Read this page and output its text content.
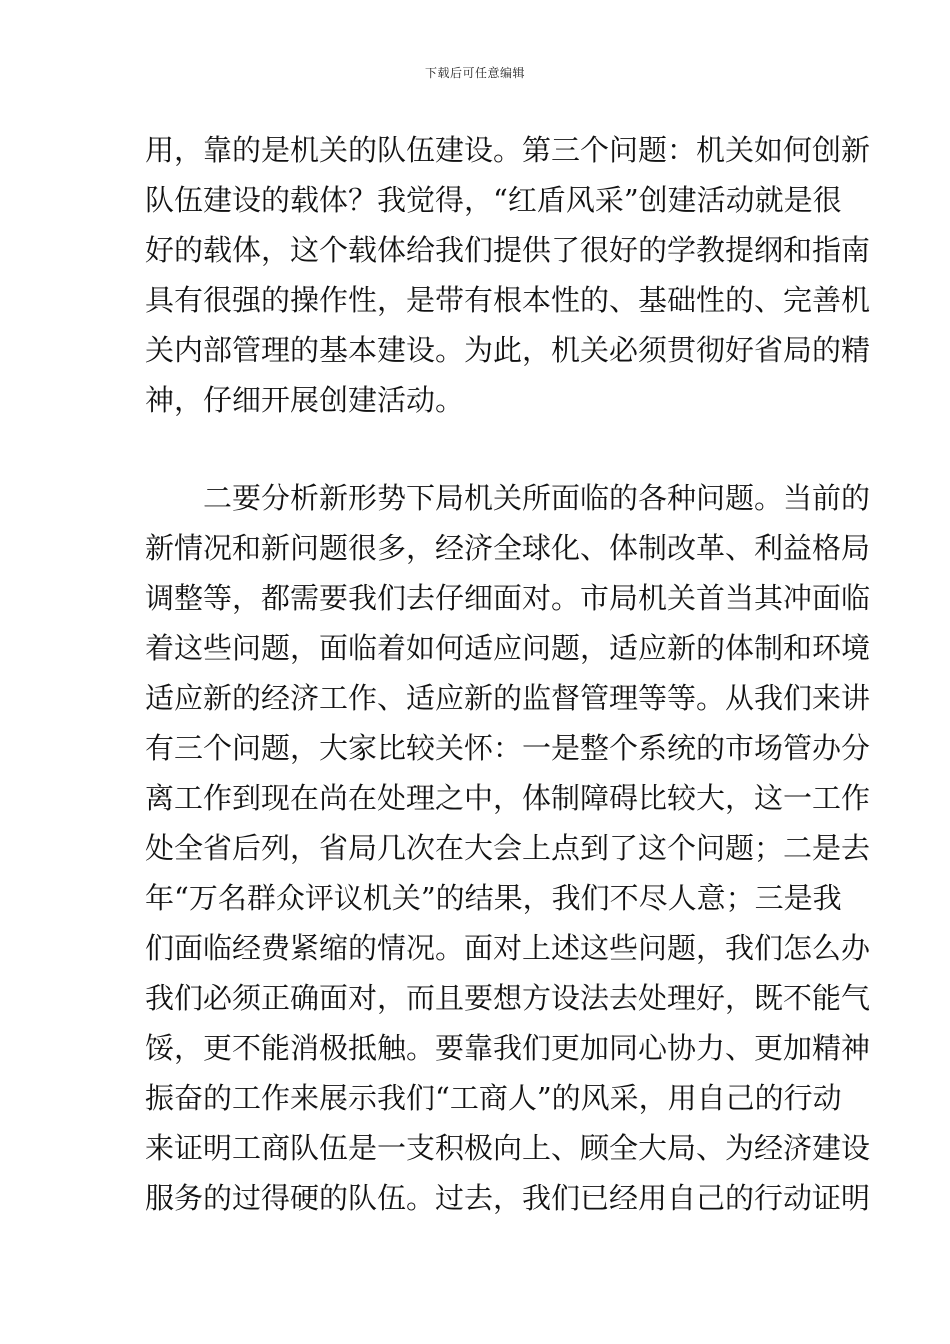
下载后可任意编辑
用，靠的是机关的队伍建设。第三个问题：机关如何创新
队伍建设的载体？我觉得，“红盾风采”创建活动就是很
好的载体，这个载体给我们提供了很好的学教提纲和指南
具有很强的操作性，是带有根本性的、基础性的、完善机
关内部管理的基本建设。为此，机关必须贯彻好省局的精
神，仔细开展创建活动。
二要分析新形势下局机关所面临的各种问题。当前的
新情况和新问题很多，经济全球化、体制改革、利益格局
调整等，都需要我们去仔细面对。市局机关首当其冲面临
着这些问题，面临着如何适应问题，适应新的体制和环境
适应新的经济工作、适应新的监督管理等等。从我们来讲
有三个问题，大家比较关怀：一是整个系统的市场管办分
离工作到现在尚在处理之中，体制障碍比较大，这一工作
处全省后列，省局几次在大会上点到了这个问题；二是去
年“万名群众评议机关”的结果，我们不尽人意；三是我
们面临经费紧缩的情况。面对上述这些问题，我们怎么办
我们必须正确面对，而且要想方设法去处理好，既不能气
馁，更不能消极抵触。要靠我们更加同心协力、更加精神
振奋的工作来展示我们“工商人”的风采，用自己的行动
来证明工商队伍是一支积极向上、顾全大局、为经济建设
服务的过得硬的队伍。过去，我们已经用自己的行动证明
